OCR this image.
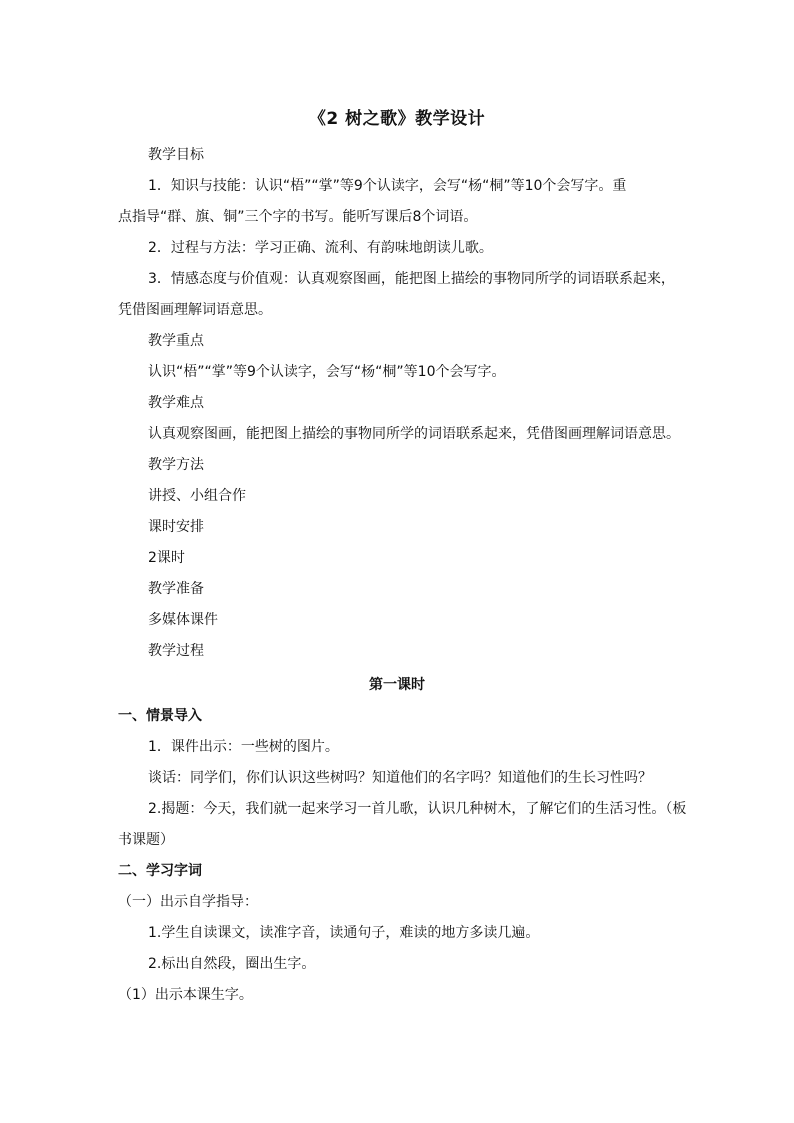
《2 树之歌》教学设计
教学目标
1．知识与技能：认识“梧”“掌”等9个认读字，会写“杨“桐”等10个会写字。重
点指导“群、旗、铜”三个字的书写。能听写课后8个词语。
2．过程与方法：学习正确、流利、有韵味地朗读儿歌。
3．情感态度与价值观：认真观察图画，能把图上描绘的事物同所学的词语联系起来，
凭借图画理解词语意思。
教学重点
认识“梧”“掌”等9个认读字，会写“杨“桐”等10个会写字。
教学难点
认真观察图画，能把图上描绘的事物同所学的词语联系起来，凭借图画理解词语意思。
教学方法
讲授、小组合作
课时安排
2课时
教学准备
多媒体课件
教学过程
第一课时
一、情景导入
1．课件出示：一些树的图片。
谈话：同学们，你们认识这些树吗？知道他们的名字吗？知道他们的生长习性吗？
2.揭题：今天，我们就一起来学习一首儿歌，认识几种树木，了解它们的生活习性。（板
书课题）
二、学习字词
（一）出示自学指导：
1.学生自读课文，读准字音，读通句子，难读的地方多读几遍。
2.标出自然段，圈出生字。
（1）出示本课生字。
